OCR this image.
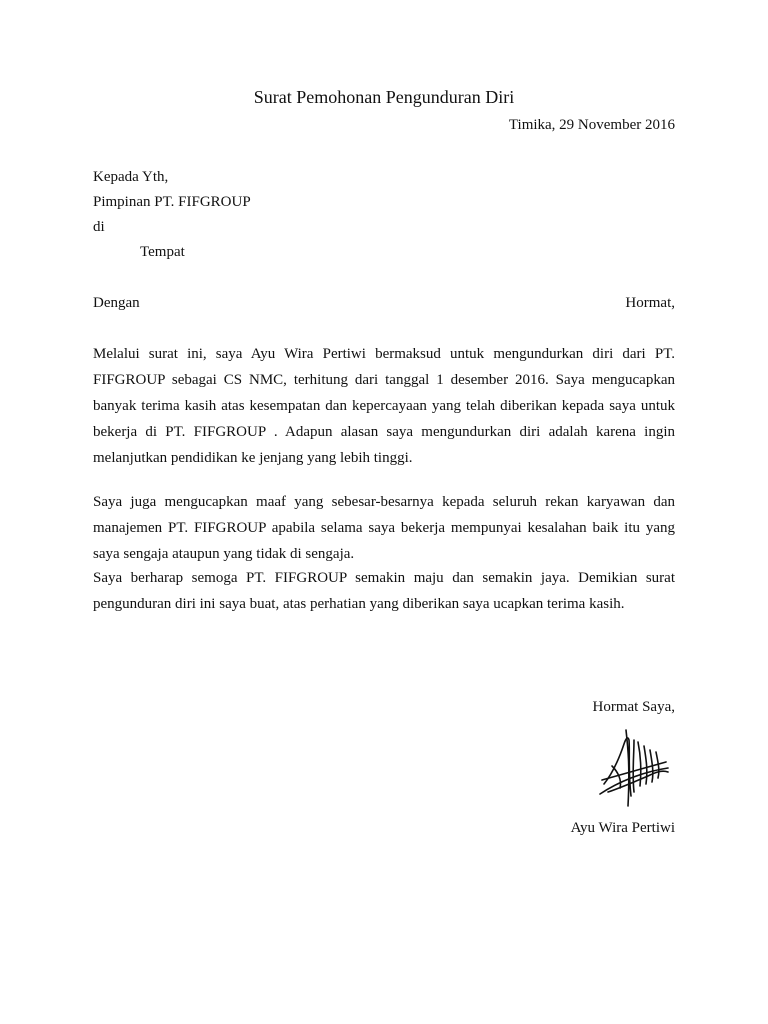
Surat Pemohonan Pengunduran Diri
Timika, 29 November 2016
Kepada Yth,
Pimpinan PT. FIFGROUP
di
Tempat
Dengan	Hormat,
Melalui surat ini, saya Ayu Wira Pertiwi bermaksud untuk mengundurkan diri dari PT. FIFGROUP sebagai CS NMC, terhitung dari tanggal 1 desember 2016. Saya mengucapkan banyak terima kasih atas kesempatan dan kepercayaan yang telah diberikan kepada saya untuk bekerja di PT. FIFGROUP . Adapun alasan saya mengundurkan diri adalah karena ingin melanjutkan pendidikan ke jenjang yang lebih tinggi.
Saya juga mengucapkan maaf yang sebesar-besarnya kepada seluruh rekan karyawan dan manajemen PT. FIFGROUP apabila selama saya bekerja mempunyai kesalahan baik itu yang saya sengaja ataupun yang tidak di sengaja.
Saya berharap semoga PT. FIFGROUP semakin maju dan semakin jaya. Demikian surat pengunduran diri ini saya buat, atas perhatian yang diberikan saya ucapkan terima kasih.
Hormat Saya,
Ayu Wira Pertiwi
